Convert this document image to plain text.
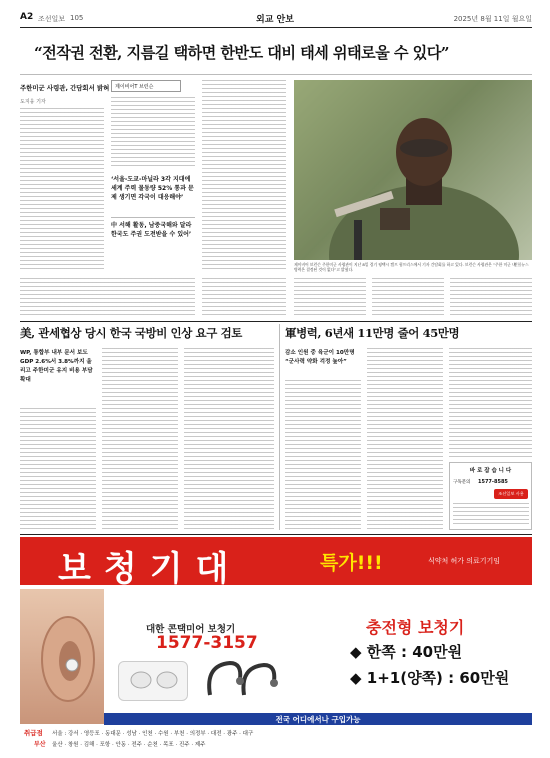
A2 조선일보 105	외교 안보	2025년 8월 11일 월요일
“전작권 전환, 지름길 택하면 한반도 대비 태세 위태로울 수 있다”
주한미군 사령관, 간담회서 밝혀
도지웅 기자
제이비어T 브런슨
‘서울-도쿄-마닐라 3각 지대에 세계 주력 물동량 52% 통과 문제 생기면 각국이 대응해야’
中 서해 활동, 남중국해와 달라 한국도 주권 도전받을 수 있어’
제이비어 브런슨 주한미군 사령관이 지난 8일 경기 평택시 캠프 험프리스에서 기자 간담회를 하고 있다. 브런슨 사령관은 “주한 미군 내 병력은 결정된 것이 없다”고 밝혔다.
연합뉴스
美, 관세협상 당시 한국 국방비 인상 요구 검토
WP, 통합부 내부 문서 보도 GDP 2.6%서 3.8%까지 올리고 주한미군 유지 비용 부담 확대
軍병력, 6년새 11만명 줄어 45만명
감소 인원 중 육군이 10만명 “군사력 약화 걱정 높아”
바 로 잡 습 니 다
구독문의 1577-8585
조선일보 사용
보청기대	특가!!!	식약처 허가 의료기기임
대한 콘택미어 보청기
1577-3157
충전형 보청기
◆ 한쪽 : 40만원
◆ 1+1(양쪽) : 60만원
전국 어디에서나 구입가능
취급점 서울 : 강서 · 영등포 · 동대문 · 성남 · 인천 · 수원 · 부천 · 의정부 · 대전 · 광주 · 대구
부산 울산 · 창원 · 김해 · 포항 · 안동 · 전주 · 순천 · 목포 · 진주 · 제주
